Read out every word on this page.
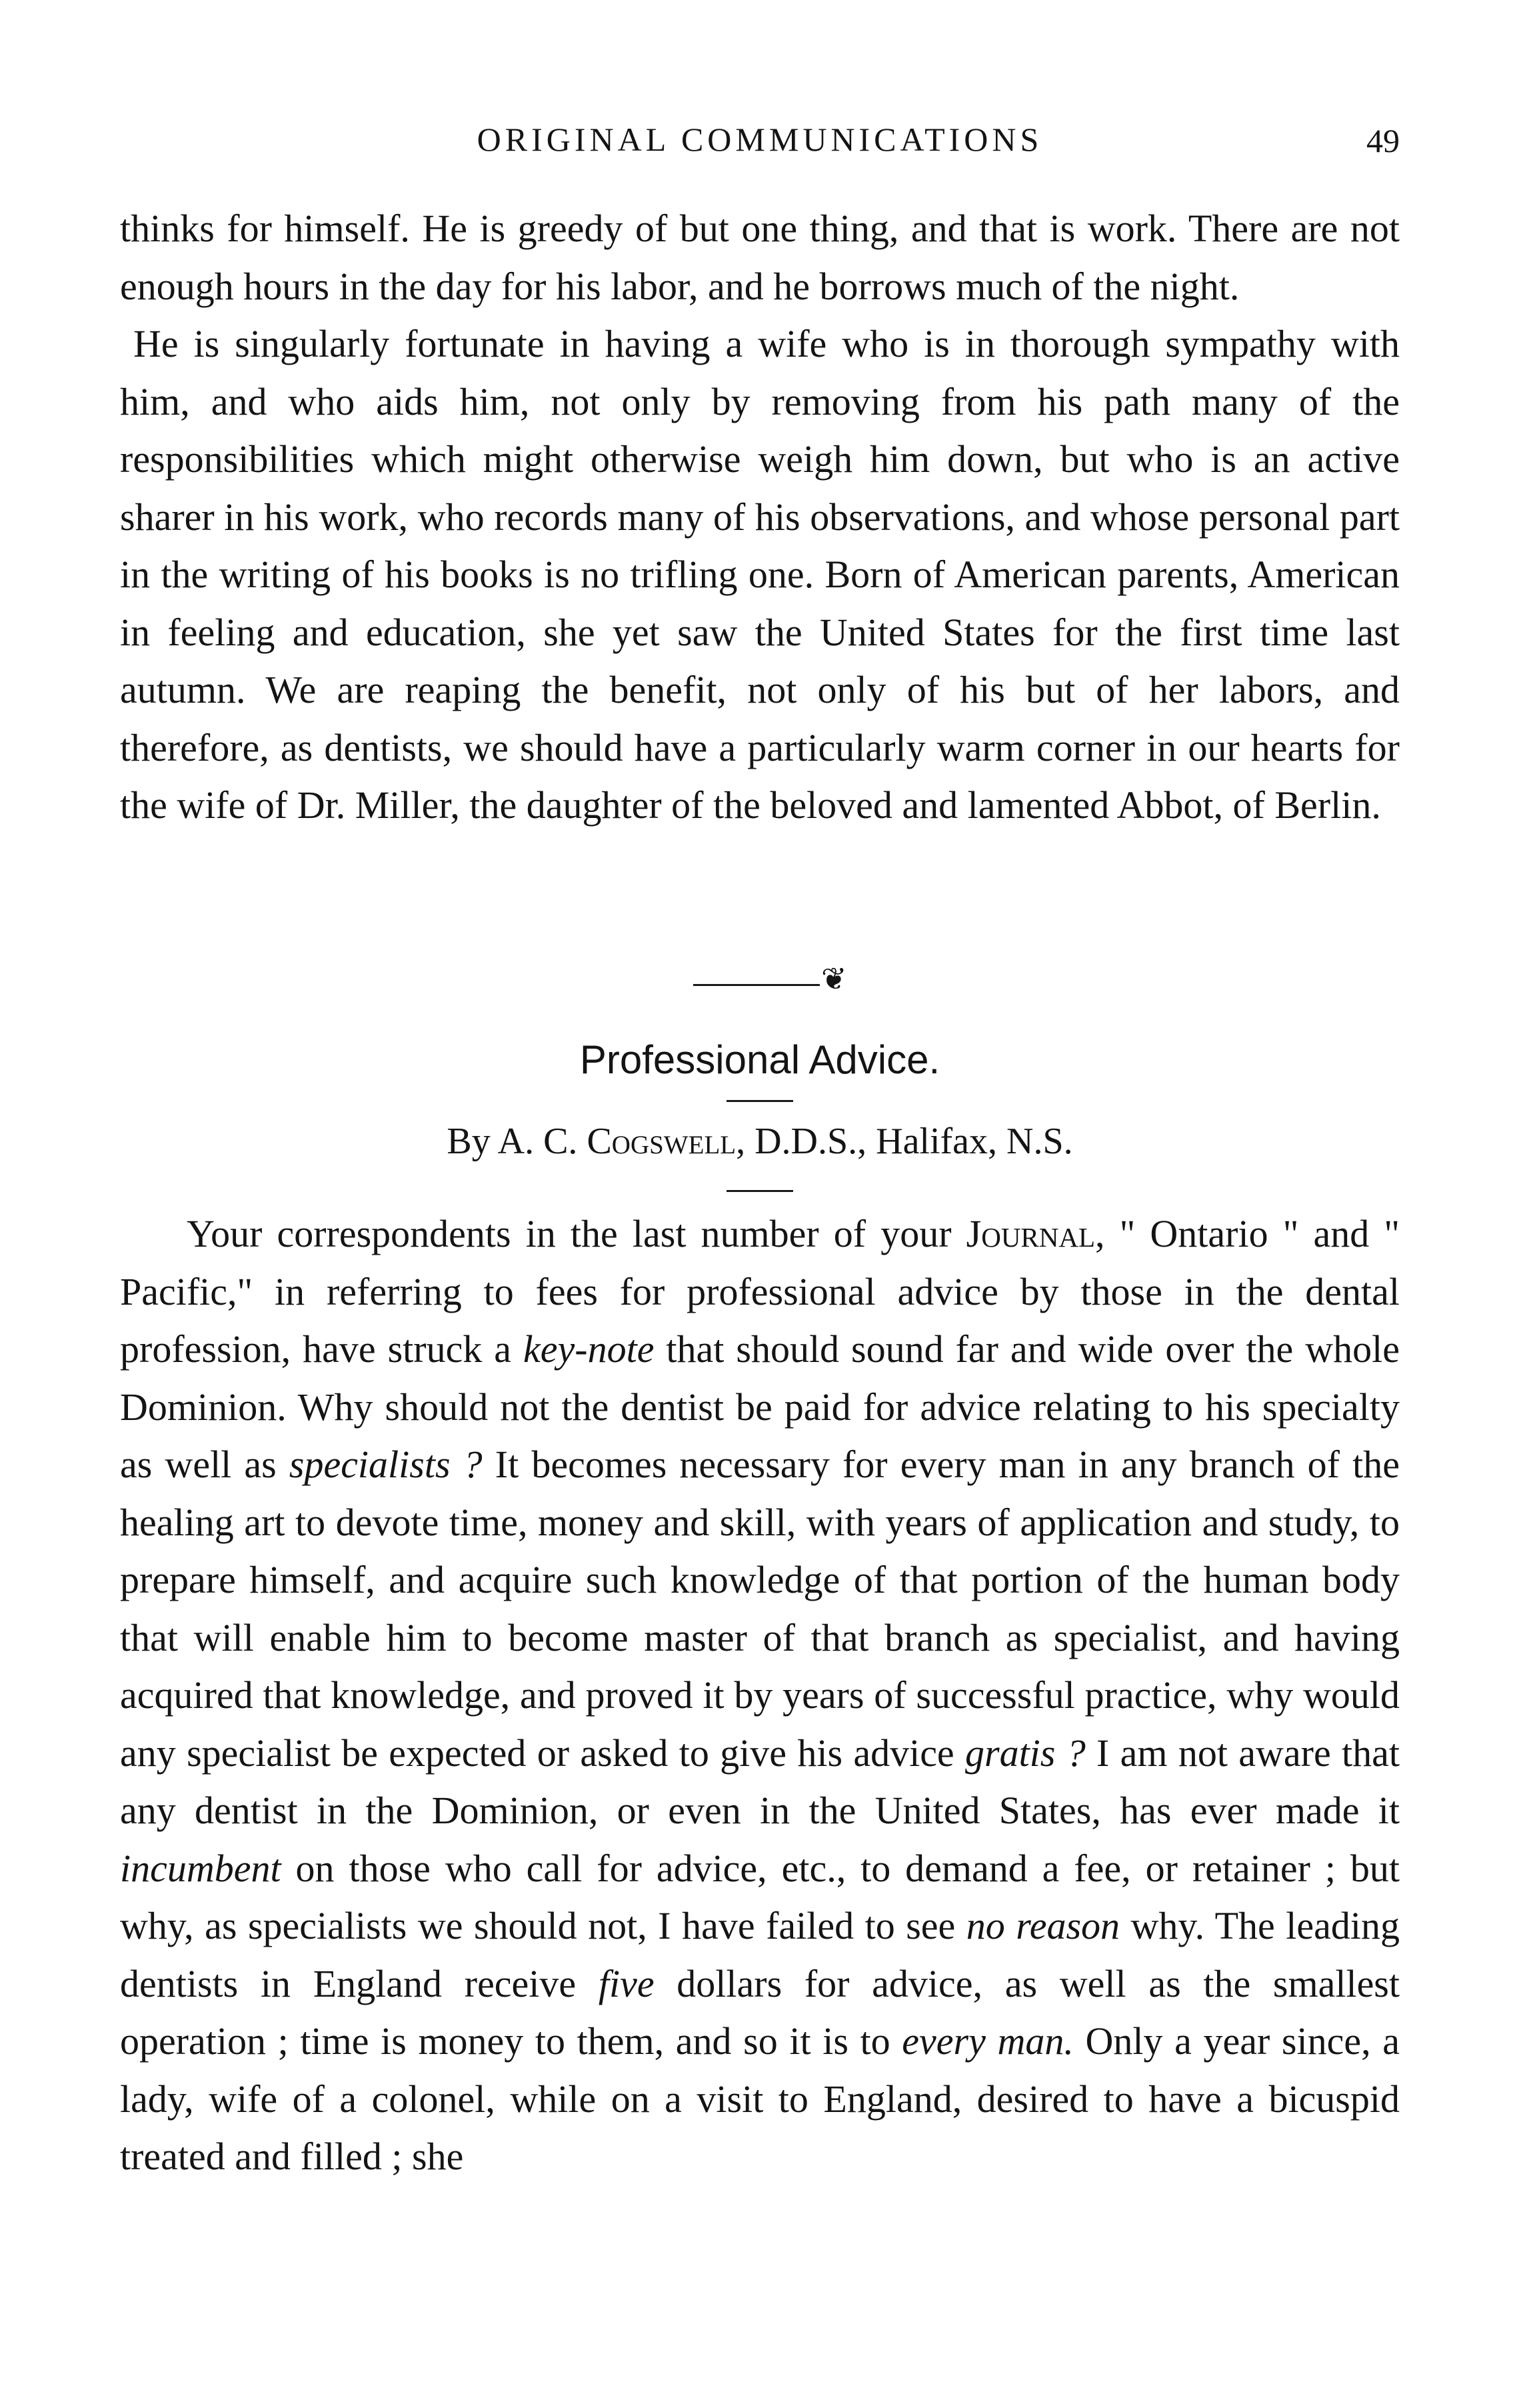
ORIGINAL COMMUNICATIONS	49

thinks for himself. He is greedy of but one thing, and that is work. There are not enough hours in the day for his labor, and he borrows much of the night.

He is singularly fortunate in having a wife who is in thorough sympathy with him, and who aids him, not only by removing from his path many of the responsibilities which might otherwise weigh him down, but who is an active sharer in his work, who records many of his observations, and whose personal part in the writing of his books is no trifling one. Born of American parents, American in feeling and education, she yet saw the United States for the first time last autumn. We are reaping the benefit, not only of his but of her labors, and therefore, as dentists, we should have a particularly warm corner in our hearts for the wife of Dr. Miller, the daughter of the beloved and lamented Abbot, of Berlin.

❦
Professional Advice.
By A. C. Cogswell, D.D.S., Halifax, N.S.

Your correspondents in the last number of your Journal, " Ontario " and " Pacific," in referring to fees for professional advice by those in the dental profession, have struck a key-note that should sound far and wide over the whole Dominion. Why should not the dentist be paid for advice relating to his specialty as well as specialists ? It becomes necessary for every man in any branch of the healing art to devote time, money and skill, with years of application and study, to prepare himself, and acquire such knowledge of that portion of the human body that will enable him to become master of that branch as specialist, and having acquired that knowledge, and proved it by years of successful practice, why would any specialist be expected or asked to give his advice gratis ? I am not aware that any dentist in the Dominion, or even in the United States, has ever made it incumbent on those who call for advice, etc., to demand a fee, or retainer ; but why, as specialists we should not, I have failed to see no reason why. The leading dentists in England receive five dollars for advice, as well as the smallest operation ; time is money to them, and so it is to every man. Only a year since, a lady, wife of a colonel, while on a visit to England, desired to have a bicuspid treated and filled ; she
